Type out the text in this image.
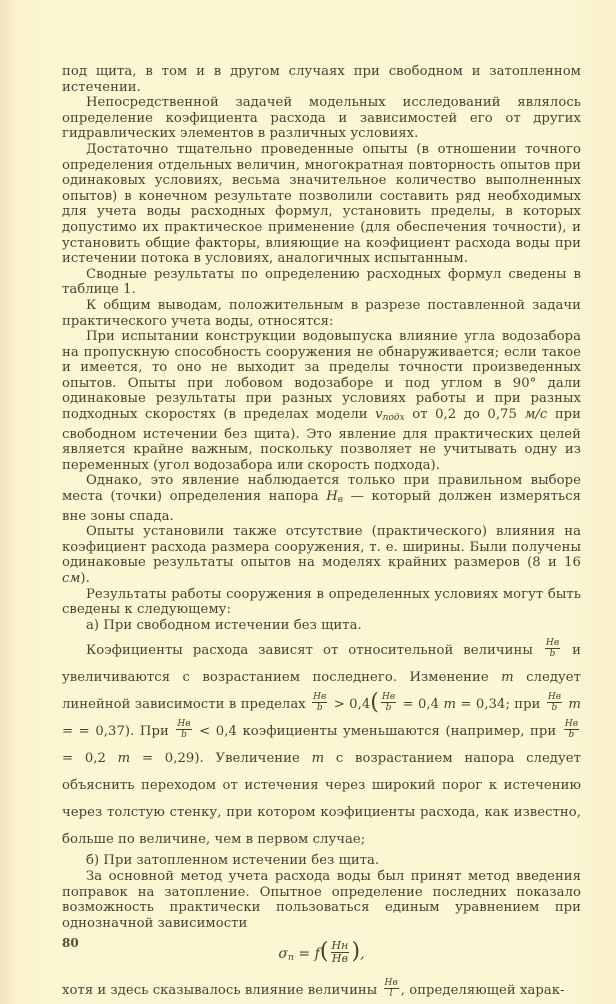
под щита, в том и в другом случаях при свободном и затопленном истечении.

Непосредственной задачей модельных исследований являлось определение коэфициента расхода и зависимостей его от других гидравлических элементов в различных условиях.

Достаточно тщательно проведенные опыты (в отношении точного определения отдельных величин, многократная повторность опытов при одинаковых условиях, весьма значительное количество выполненных опытов) в конечном результате позволили составить ряд необходимых для учета воды расходных формул, установить пределы, в которых допустимо их практическое применение (для обеспечения точности), и установить общие факторы, влияющие на коэфициент расхода воды при истечении потока в условиях, аналогичных испытанным.

Сводные результаты по определению расходных формул сведены в таблице 1.

К общим выводам, положительным в разрезе поставленной задачи практического учета воды, относятся:

При испытании конструкции водовыпуска влияние угла водозабора на пропускную способность сооружения не обнаруживается; если такое и имеется, то оно не выходит за пределы точности произведенных опытов. Опыты при лобовом водозаборе и под углом в 90° дали одинаковые результаты при разных условиях работы и при разных подходных скоростях (в пределах модели $v_{подх}$ от 0,2 до 0,75 м/с при свободном истечении без щита). Это явление для практических целей является крайне важным, поскольку позволяет не учитывать одну из переменных (угол водозабора или скорость подхода).

Однако, это явление наблюдается только при правильном выборе места (точки) определения напора $H_в$ — который должен измеряться вне зоны спада.

Опыты установили также отсутствие (практического) влияния на коэфициент расхода размера сооружения, т. е. ширины. Были получены одинаковые результаты опытов на моделях крайних размеров (8 и 16 см).

Результаты работы сооружения в определенных условиях могут быть сведены к следующему:

а) При свободном истечении без щита.

Коэфициенты расхода зависят от относительной величины $\frac{Hв}{b}$ и увеличиваются с возрастанием последнего. Изменение m следует линейной зависимости в пределах $\frac{Hв}{b} > 0,4( \frac{Hв}{b} = 0,4$ m = 0,34; при $\frac{Hв}{b}$ m = = 0,37). При $\frac{Hв}{b} < 0,4$ коэфициенты уменьшаются (например, при $\frac{Hв}{b}$
= 0,2 m = 0,29). Увеличение m с возрастанием напора следует объяснить переходом от истечения через широкий порог к истечению через толстую стенку, при котором коэфициенты расхода, как известно, больше по величине, чем в первом случае;

б) При затопленном истечении без щита.

За основной метод учета расхода воды был принят метод введения поправок на затопление. Опытное определение последних показало возможность практически пользоваться единым уравнением при однозначной зависимости

$\sigma_п = f( \frac{Hн}{Hв}$ ),

хотя и здесь сказывалось влияние величины $\frac{Hв}{l}$ , определяющей харак-

80
